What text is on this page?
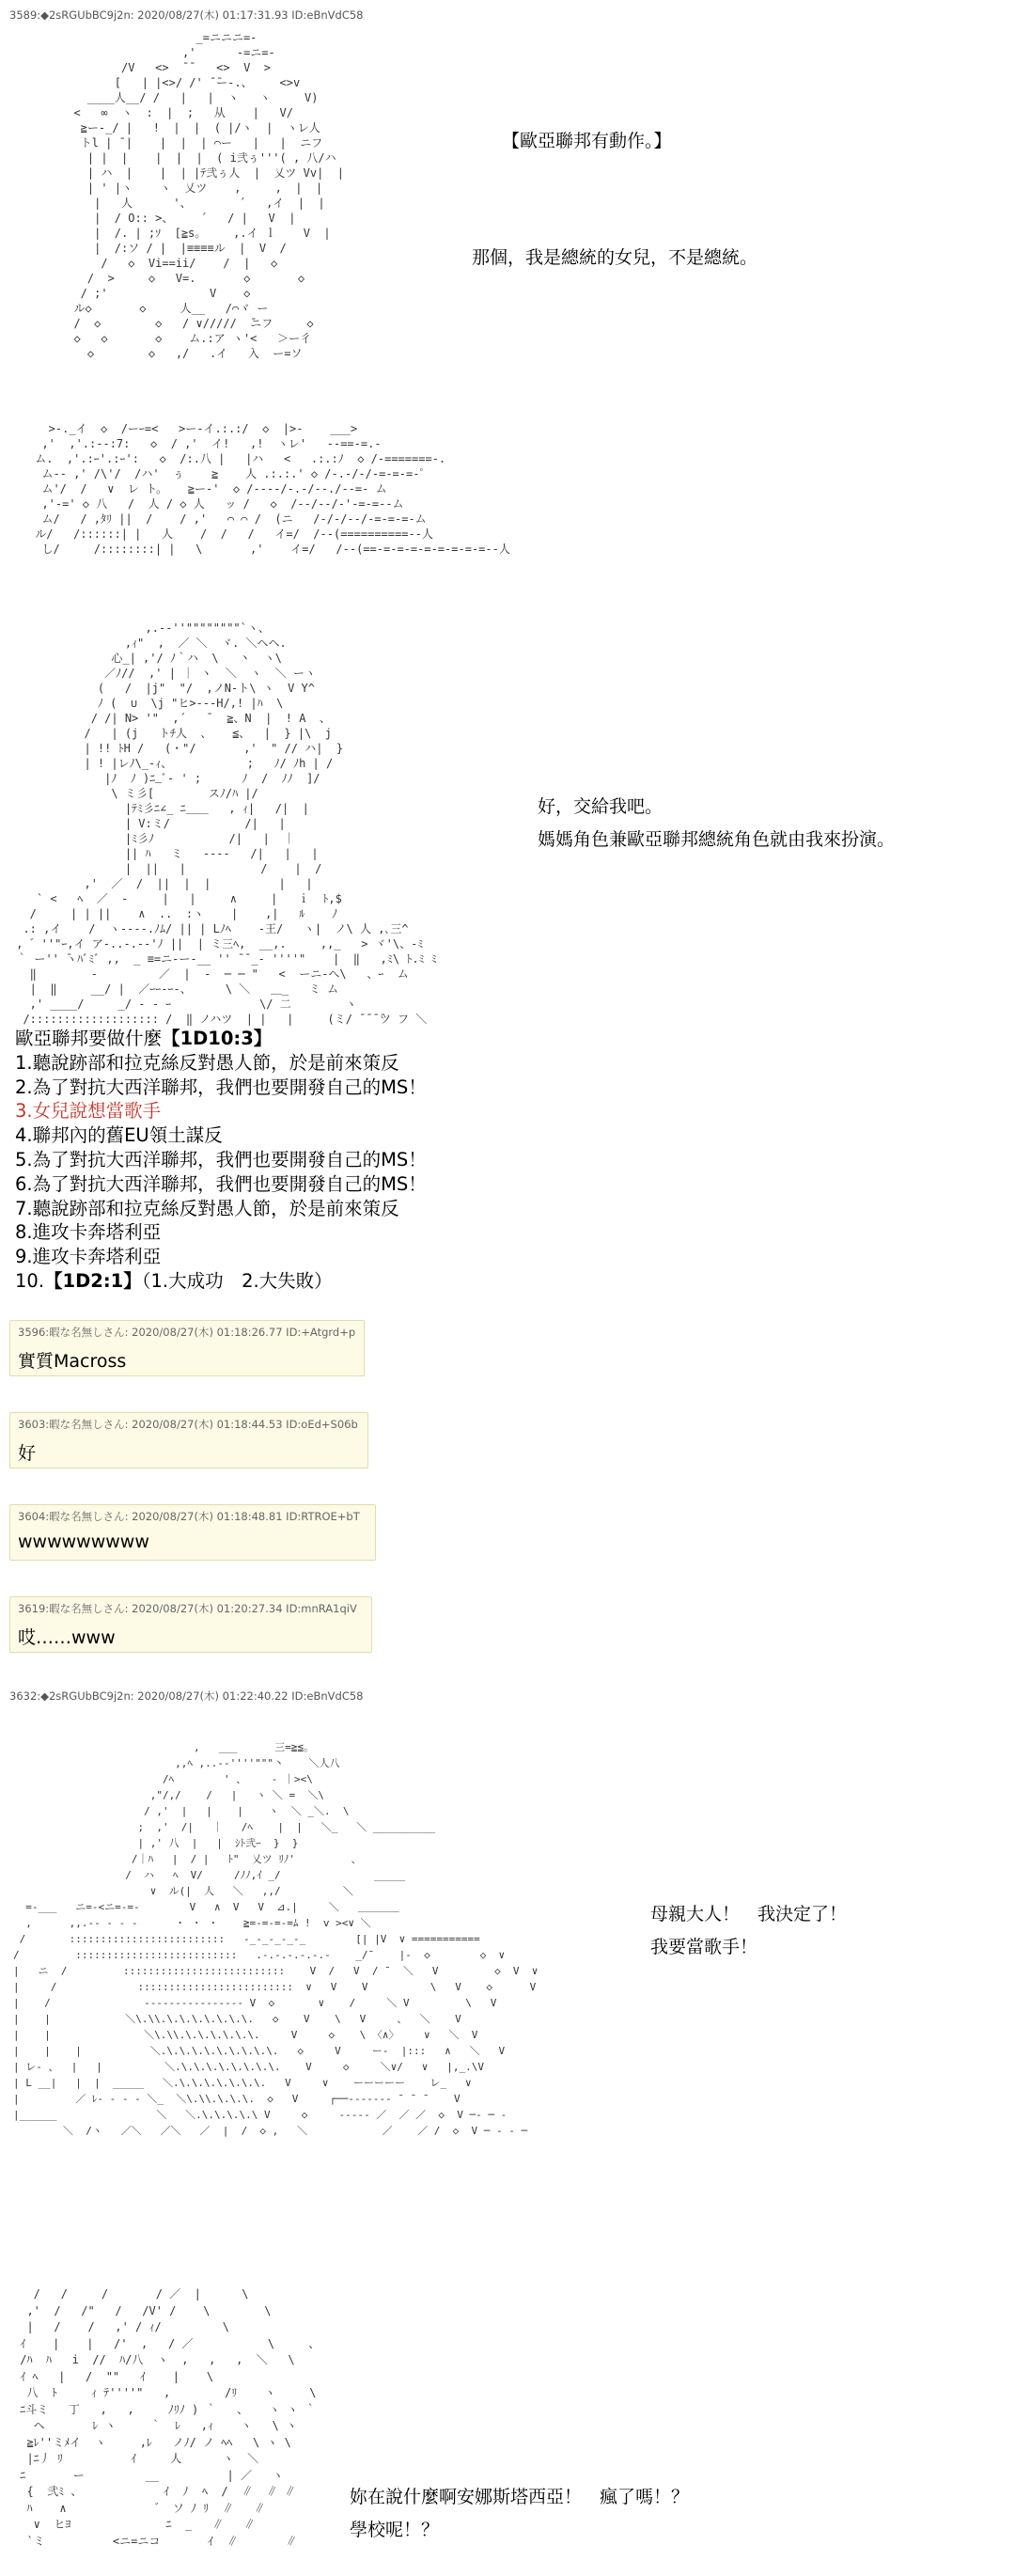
3589:◆2sRGUbBC9j2n: 2020/08/27(木) 01:17:31.93 ID:eBnVdC58
_=ニニニ=-
,'      -=ニ=-
/V   <>  ̄ ̄    <>  V  >
[   | |<>/ /' ̄ ̄ー-.、    <>v
____人__/ /   |   |  ヽ   ヽ     V)
<   ∞  ヽ  :  |  ;   从    |   V/
≧ー-_/ |   !  |  |  ( |/ヽ  |  ヽレ人
トl | ̄ |    |  |  | ⌒ー   |   |  ニフ
| |  |    |  |  |  ( i弐ぅ'''( , 八/ハ
| ハ  |    |  | |ﾃ弐ぅ人  |  乂ツ Vv|  |
| ' |ヽ    ヽ  乂ツ    ,     ,  |  |
|   人      '、       ´   ,イ  |  |
|  / O:: >、    ´   / |   V  |
|  /. | ;ｿ  [≧s。    ,.イ ｌ    V  |
|  /:ソ / |  |≡≡≡≡ル  |  V  /
/   ◇  Vi==ii/    /  |   ◇
/  >     ◇   V=.       ◇       ◇
/ ;'               V    ◇
ル◇       ◇     人__   /⌒ヾ ー
/  ◇        ◇   / ∨/////  ̄ニフ     ◇
◇   ◇       ◇    ム.:ア ヽ'<   ＞ー彳
◇        ◇   ,/   .イ   入  ー=ソ

>-._イ  ◇  /ーｰ=<   >ー-イ.:.:/  ◇  |>-    ___>
,'  ,'.:--:7:   ◇  / ,'  イ!   ,!  ヽレ'   -‐==‐=.‐
ム.  ,'.:ｰ'.:ｰ':   ◇  /:.八 |   |ハ   <   .:.:ﾉ  ◇ /-=======-.
ム-- ,' /\'/  /ハ'  ぅ    ≧    人 .:.:.' ◇ /-.-/-/-=-=-=-ﾟ
ム'/  /   ∨  レ ト。   ≧ー-'  ◇ /----/-.-/--./--=- ム
,'-=' ◇ 八   /  人 / ◇ 人   ッ /   ◇  /--/--/-'-=-=--ム
ム/   / ,ﾀﾘ ||  /    / ,'   ⌒ ⌒ /  (ニ   /-/-/--/-=-=-=-ム
ル/   /::::::| |   人    /  /   /   イ=/  /--(==========--人
し/     /::::::::| |   \       ,'    イ=/   /--(==-=-=-=-=-=-=-=-=--人

【歐亞聯邦有動作。】
那個，我是總統的女兒，不是總統。
,.-‐''""""""""`ヽ、
,ｨ"  ,  ／ ＼  ヾ. ＼ヘヘ.
心_| ,'/ ﾉ｀ハ  \   丶  ヽ\
／ﾉ//  ,' | ｜ ヽ  ＼  ヽ  ＼ ーヽ
(   /  |j"  "/  ,ノN-ト\ ヽ  V Y^
ﾉ (  ∪  \j "ヒ>--‐H/,! |ﾊ  \
/ /| N> '"  ,´   ̄   ≧、N  |  ! A  、
/   | (j   トﾁ人  、   ≦、  |  } |\  j
| !! ﾄH /   (・"/       ,'  " // ハ|  }
| ! |レﾉ\_-ｨ、           ;   ﾉ/ ﾉh | /
|ﾉ  ﾉ )ﾆ_ﾞ‐ ' ;      ﾉ  /  ﾉﾉ  ]/
\ ミ彡[        スﾉ/ﾊ |/
|ﾃﾐ彡ﾆ∠_ ﾆ＿＿   , ｨ|   /|  |
| V:ミ/           /|   |
|ﾐ彡ﾉ           /|   |  ｜
|| ﾊ   ミ   ‐‐‐‐   /|   |   |
|  ||   |           /    |  /
,'  ／  /  ||  |  |          |   |
` <   ﾍ  ／  ‐     |   |     ∧     |   ｉ  ﾄ,$
/     | | ||    ∧  ..  :ヽ    |    ,|   ﾙ    ﾉ
.: ,イ    /  ヽ-‐--.ﾉﾑ/ || | Lﾉﾍ    ‐王/   ヽ|  ノ\ 人 ,､三^
, ゛''"ｰ,イ ア-..-.-‐'ﾉ ||  | ミ三ﾍ,  __,.     ,,_   > ヾ'\、‐ﾐ
｀ ー'' ̄ヽﾊﾞﾐﾞ ,,  _ ≡=ニ‐ー‐__ '' ̄ ̄ _‐ ''''"    |  ‖   ,ﾐ\ ﾄ.ﾐ ﾐ
‖        ‐         ／  |  -  ─ ─ "   <  ーニ‐へ\   、ｰ  ム
|  ‖     __/ |  ／ｰｰ‐ｰ-、     \ ＼   ＿_   ミ ム
,' ____/     _/ ‐ ‐ ｰ             \/ 二        ヽ
/::::::::::::::::::: /  ‖ ノハツ  | |   |     (ミ/ ̄ ̄ ̄ ̄ツ フ ＼

好，交給我吧。
媽媽角色兼歐亞聯邦總統角色就由我來扮演。
歐亞聯邦要做什麼【1D10:3】
1.聽說跡部和拉克絲反對愚人節，於是前來策反
2.為了對抗大西洋聯邦，我們也要開發自己的MS！
3.女兒說想當歌手
4.聯邦內的舊EU領土謀反
5.為了對抗大西洋聯邦，我們也要開發自己的MS！
6.為了對抗大西洋聯邦，我們也要開發自己的MS！
7.聽說跡部和拉克絲反對愚人節，於是前來策反
8.進攻卡奔塔利亞
9.進攻卡奔塔利亞
10.【1D2:1】（1.大成功　2.大失敗）
3596:暇な名無しさん: 2020/08/27(木) 01:18:26.77 ID:+Atgrd+p
實質Macross
3603:暇な名無しさん: 2020/08/27(木) 01:18:44.53 ID:oEd+S06b
好
3604:暇な名無しさん: 2020/08/27(木) 01:18:48.81 ID:RTROE+bT
wwwwwwwww
3619:暇な名無しさん: 2020/08/27(木) 01:20:27.34 ID:mnRA1qiV
哎……www
3632:◆2sRGUbBC9j2n: 2020/08/27(木) 01:22:40.22 ID:eBnVdC58
,   ___      三=≧≦。
,,ﾍ ,..-‐''''"""丶    ＼人八
/ﾍ        ' 、    - ｜><\
,"/,/    /   |   ヽ ＼ =  ＼\
/ ,'  |   |    |    ヽ  ＼ _＼.  \
;  ,'  /|   ｜   /ﾍ    |  |   ＼_   ＼ __________
| ,' 八  |   |  ｼﾄ弐ｰ  }  }
/｜ﾊ   |  / |   ﾄ"  乂ツ ﾘﾉ'         、
/  ハ   ﾍ  V/     /ﾉﾉ,ｲ _/               _____
∨  ル(|  人   ＼   ,,/          ＼
=-___   ニ=-<ニ=-=-        V   ∧  V   V  ⊿.|     ＼   ＿＿＿＿
,      ,,.-‐ ‐ ‐ ‐      ・ ・ ・    ≧=-=-=-=ﾑ !  v ><∨ ＼
/       :::::::::::::::::::::::::   -_-_-_-_-_        [| |V  ∨ ===========
/         ::::::::::::::::::::::::::   .-.-.-.-.-.-    _/¯    |-  ◇        ◇  ∨
|   ニ  /         ::::::::::::::::::::::::::    V  /   V  / ¯  ＼   V         ◇  V  ∨
|     /             :::::::::::::::::::::::::  ∨   V    V          \   V    ◇      V
|    /               ---------------- V  ◇       ∨    /     ＼ V         \   V
|    |            ＼\.\\.\.\.\.\.\.\.\.   ◇    V    \   V     、  ＼    V
|    |               ＼\.\\.\.\.\.\.\.\.     V     ◇    \ 〈∧〉    ∨   ＼  V
|    |    |           ＼.\.\.\.\.\.\.\.\.\.   ◇     V     ー‐  |:::   ∧   ＼   V
| レ- 、  |   |          ＼.\.\.\.\.\.\.\.\.    V     ◇     ＼∨/   ∨   |,_.\V
| L __|   |  |  _____   ＼.\.\.\.\.\.\.\.   V     ∨    ーーーーー    レ_   ∨
|         ／ ﾚ‐ ‐ ‐ ‐ ＼_  ＼\.\\.\.\.\.  ◇   V     ┌──‐‐‐‐‐‐‐ ¯ ¯ ¯    V
|______                ＼   ＼.\.\.\.\.\ V     ◇     ‐‐‐‐‐ ／  ／ ／  ◇  V ─‐ ─ ‐
＼  /ヽ   ／＼   ／＼   ／  |  /  ◇ ,   ＼            ／    ／ /  ◇  V ─ ‐ ‐ ─

母親大人！　我決定了！
我要當歌手！
/   /     /       / ／  |      \
,'  /   /"   /   /V' /    \        \
|   /    /   ,' / ｨ/         \
ｲ    |    |   /'  ,   / ／           \     、
/ﾊ  ﾊ   i  //  ﾊ/八  ヽ  ,   ,   ,  ＼   \
ｲ ﾍ   |   /  ""   ｲ    |    \
八  ﾄ     ｨ ﾃ''''"   ,        /ﾘ    ヽ     \
ﾆ斗ミ   丁   ,   ,     ﾉﾘﾉ ) ｀   、   ヽ ヽ ｀
ヘ       ﾚ ヽ     ｀  ﾚ   ,ｨ    ヽ   \ ヽ
≧ﾚ''ミﾒイ  ヽ     ,ﾚ   ノﾉ/ ノ ﾍﾍ   \ ヽ \
|ﾆ丿 ﾘ          ｲ     人      ヽ  ＼
ﾆ       ー         __          | ／   ヽ
{  弐ﾐ 、            ｲ  ﾉ  ﾍ  /  ∥  ∥ ∥
ﾊ    ∧             ゛ ソ ﾉ ﾘ  ∥   ∥
∨  ヒﾖ              ﾆ  _   ∥   ∥
`ミ          <ニ=ニコ       ｲ  ∥       ∥

妳在說什麼啊安娜斯塔西亞！　瘋了嗎！？
學校呢！？
